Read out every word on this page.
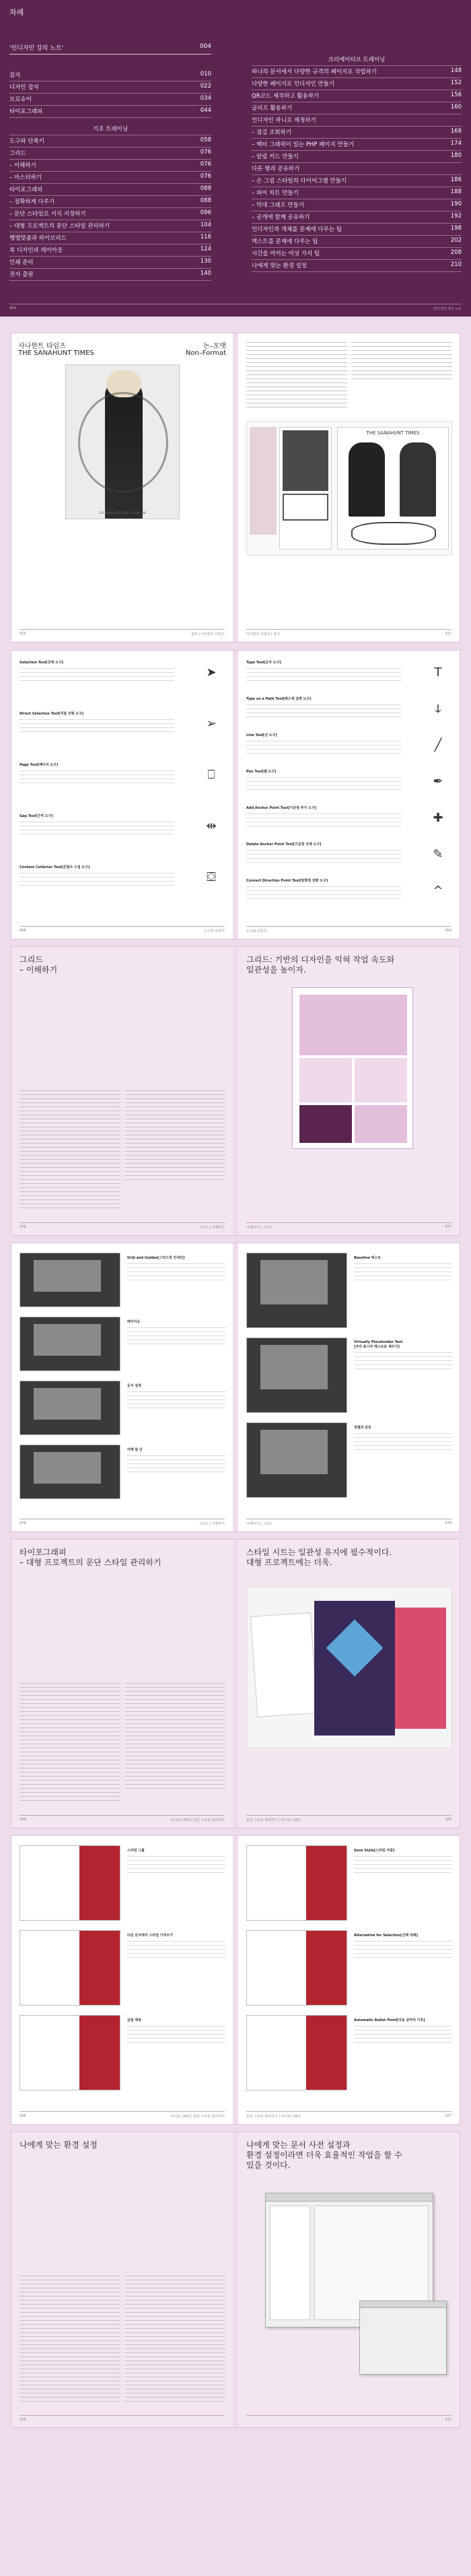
차례
'인디자인 강의 노트'	004
잡지	010
디자인 잡지	022
브로슈어	034
타이포그래피	044
기초 트레이닝
도구와 단축키	058
그리드	076
– 이해하기	076
– 마스터하기	076
타이포그래피	088
– 정확하게 다루기	088
– 문단 스타일로 서식 지정하기	096
– 대형 프로젝트의 문단 스타일 관리하기	104
행렬맞춤과 하이브리드	116
북 디자인과 레이아웃	124
인쇄 준비	130
전자 출판	140
크리에이티브 트레이닝
하나의 문서에서 다양한 규격의 페이지로 작업하기	148
다양한 페이지로 인디자인 만들기	152
QR코드 제작하고 활용하기	156
글리프 활용하기	160
인디자인 하니로 제정하기
– 점검 조회하기	168
– 벡터 그래픽이 있는 PHP 페이지 만들기	174
– 알림 커드 만들기	180
다른 형과 공유하기
– 손 그림 스타일의 다이어그램 만들기	186
– 파이 차트 만들기	188
– 막대 그래프 만들기	190
– 공개에 함께 공유하기	192
인디자인과 개체를 문제에 다루는 팁	198
텍스트를 문제에 다루는 팁	202
시간을 아끼는 여섯 가지 팁	208
나에게 맞는 환경 설정	210
004	인디자인 강의 노트
사나한트 타임즈
THE SANAHUNT TIMES
논–포맷
Non–Format
THE SANAHUNT TIMES · ISSUE ONE
010	잡지 | 사나한트 타임즈
THE SANAHUNT TIMES
사나한트 타임즈 | 잡지	011
058	도구와 단축키
Selection Tool[선택 도구]
➤
Direct Selection Tool[직접 선택 도구]
➢
Page Tool[페이지 도구]
⎕
Gap Tool[간격 도구]
⇹
Content Collector Tool[콘텐츠 수집 도구]
⛋
도구와 단축키	059
Type Tool[문자 도구]
T
Type on a Path Tool[패스에 입력 도구]
ↆ
Line Tool[선 도구]
╱
Pen Tool[펜 도구]
✒
Add Anchor Point Tool[기준점 추가 도구]
✚
Delete Anchor Point Tool[기준점 삭제 도구]
✎
Convert Direction Point Tool[방향점 전환 도구]
^
그리드
– 이해하기
076	그리드 | 이해하기
그리드: 기반의 디자인을 익혀 작업 속도와
일관성을 높이자.
이해하기 | 그리드	077
078	그리드 | 이해하기
Grid and Guides[그리드와 안내선]
레이아웃
문서 설정
여백 및 단
이해하기 | 그리드	079
Baseline 텍스트
Virtually Placeholder Text
[자리 표시자 텍스트로 채우기]
정렬과 분포
타이포그래피
– 대형 프로젝트의 문단 스타일 관리하기
104	타이포그래피 | 문단 스타일 관리하기
스타일 시트는 일관성 유지에 필수적이다.
대형 프로젝트에는 더욱.
문단 스타일 관리하기 | 타이포그래피	105
106	타이포그래피 | 문단 스타일 관리하기
스타일 그룹
다른 문서에서 스타일 가져오기
글꼴 매핑
문단 스타일 관리하기 | 타이포그래피	107
Save Style[스타일 저장]
Alternative for Selection[선택 대체]
Automatic Bullet Point[자동 글머리 기호]
나에게 맞는 환경 설정
210
나에게 맞는 문서 사전 설정과
환경 설정이라면 더욱 효율적인 작업을 할 수
있을 것이다.
211
